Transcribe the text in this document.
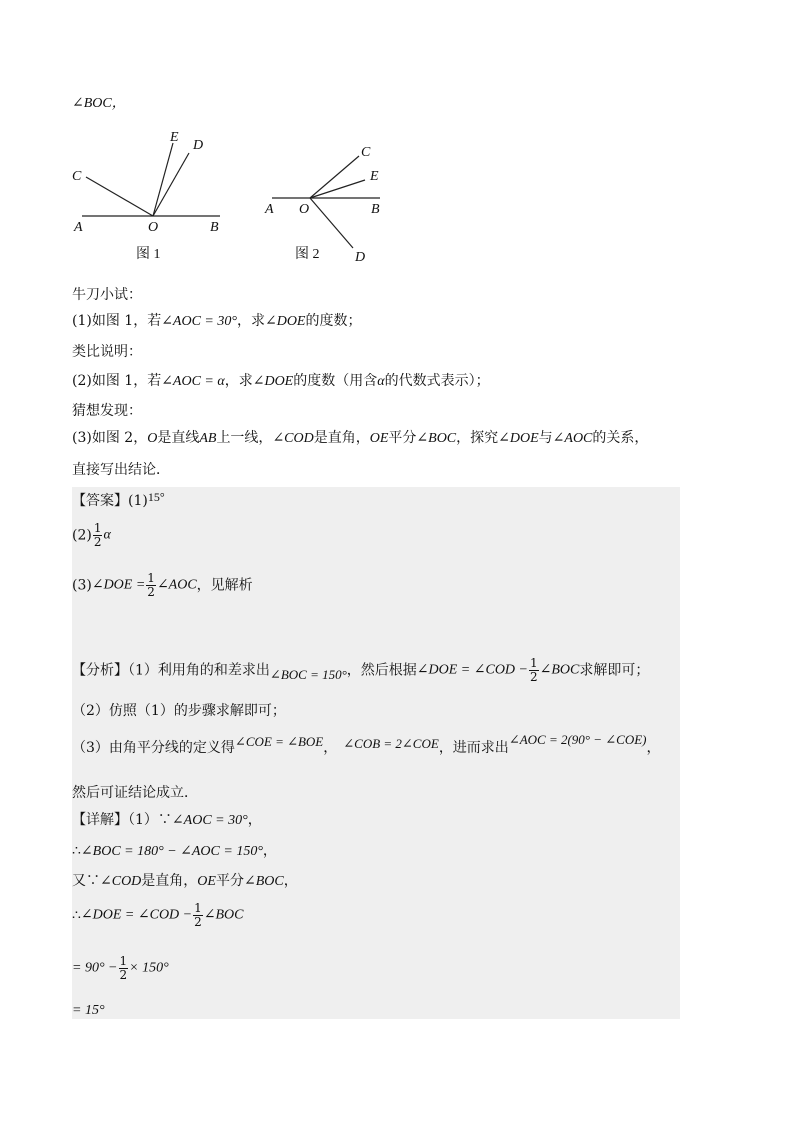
∠BOC，
C
E
D
A	O	B
图 1
C
E
A O	B
图 2	D
牛刀小试：
(1)如图 1，若∠AOC = 30°，求∠DOE的度数；
类比说明：
(2)如图 1，若∠AOC = α，求∠DOE的度数（用含α的代数式表示）；
猜想发现：
(3)如图 2，O是直线AB上一线，∠COD是直角，OE平分∠BOC，探究∠DOE与∠AOC的关系，
直接写出结论．
【答案】(1)15°
$(2) \frac{1}{2}$ α
(3)∠DOE = $\frac{1}{2}$ ∠AOC，见解析
【分析】（1）利用角的和差求出∠BOC = 150°，然后根据∠DOE = ∠COD − $\frac{1}{2}$ ∠BOC求解即可；
（2）仿照（1）的步骤求解即可；
（3）由角平分线的定义得∠COE = ∠BOE， ∠COB = 2∠COE，进而求出∠AOC = 2(90° − ∠COE)，
然后可证结论成立．
【详解】（1）∵∠AOC = 30°，
∴∠BOC = 180° − ∠AOC = 150°，
又∵∠COD是直角，OE平分∠BOC，
∴∠DOE = ∠COD − $\frac{1}{2}$ ∠BOC
= $90^\circ - \frac{1}{2} \times 150^\circ$
= 15°
